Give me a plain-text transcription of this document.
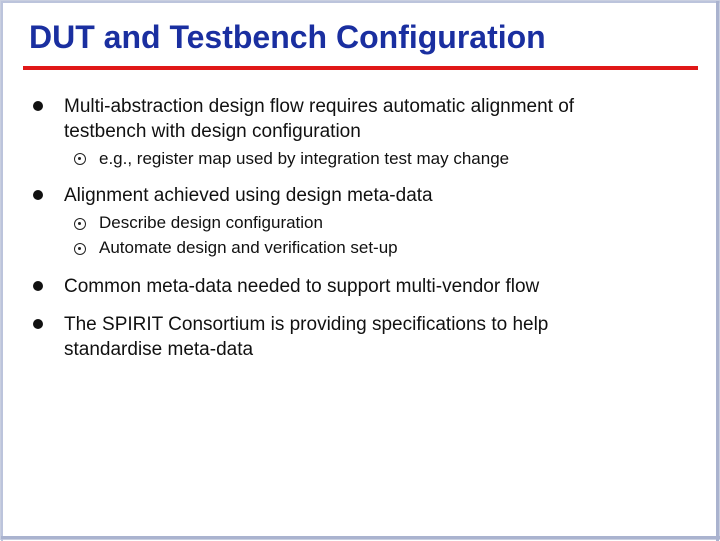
DUT and Testbench Configuration
Multi-abstraction design flow requires automatic alignment of
testbench with design configuration
e.g., register map used by integration test may change
Alignment achieved using design meta-data
Describe design configuration
Automate design and verification set-up
Common meta-data needed to support multi-vendor flow
The SPIRIT Consortium is providing specifications to help
standardise meta-data
